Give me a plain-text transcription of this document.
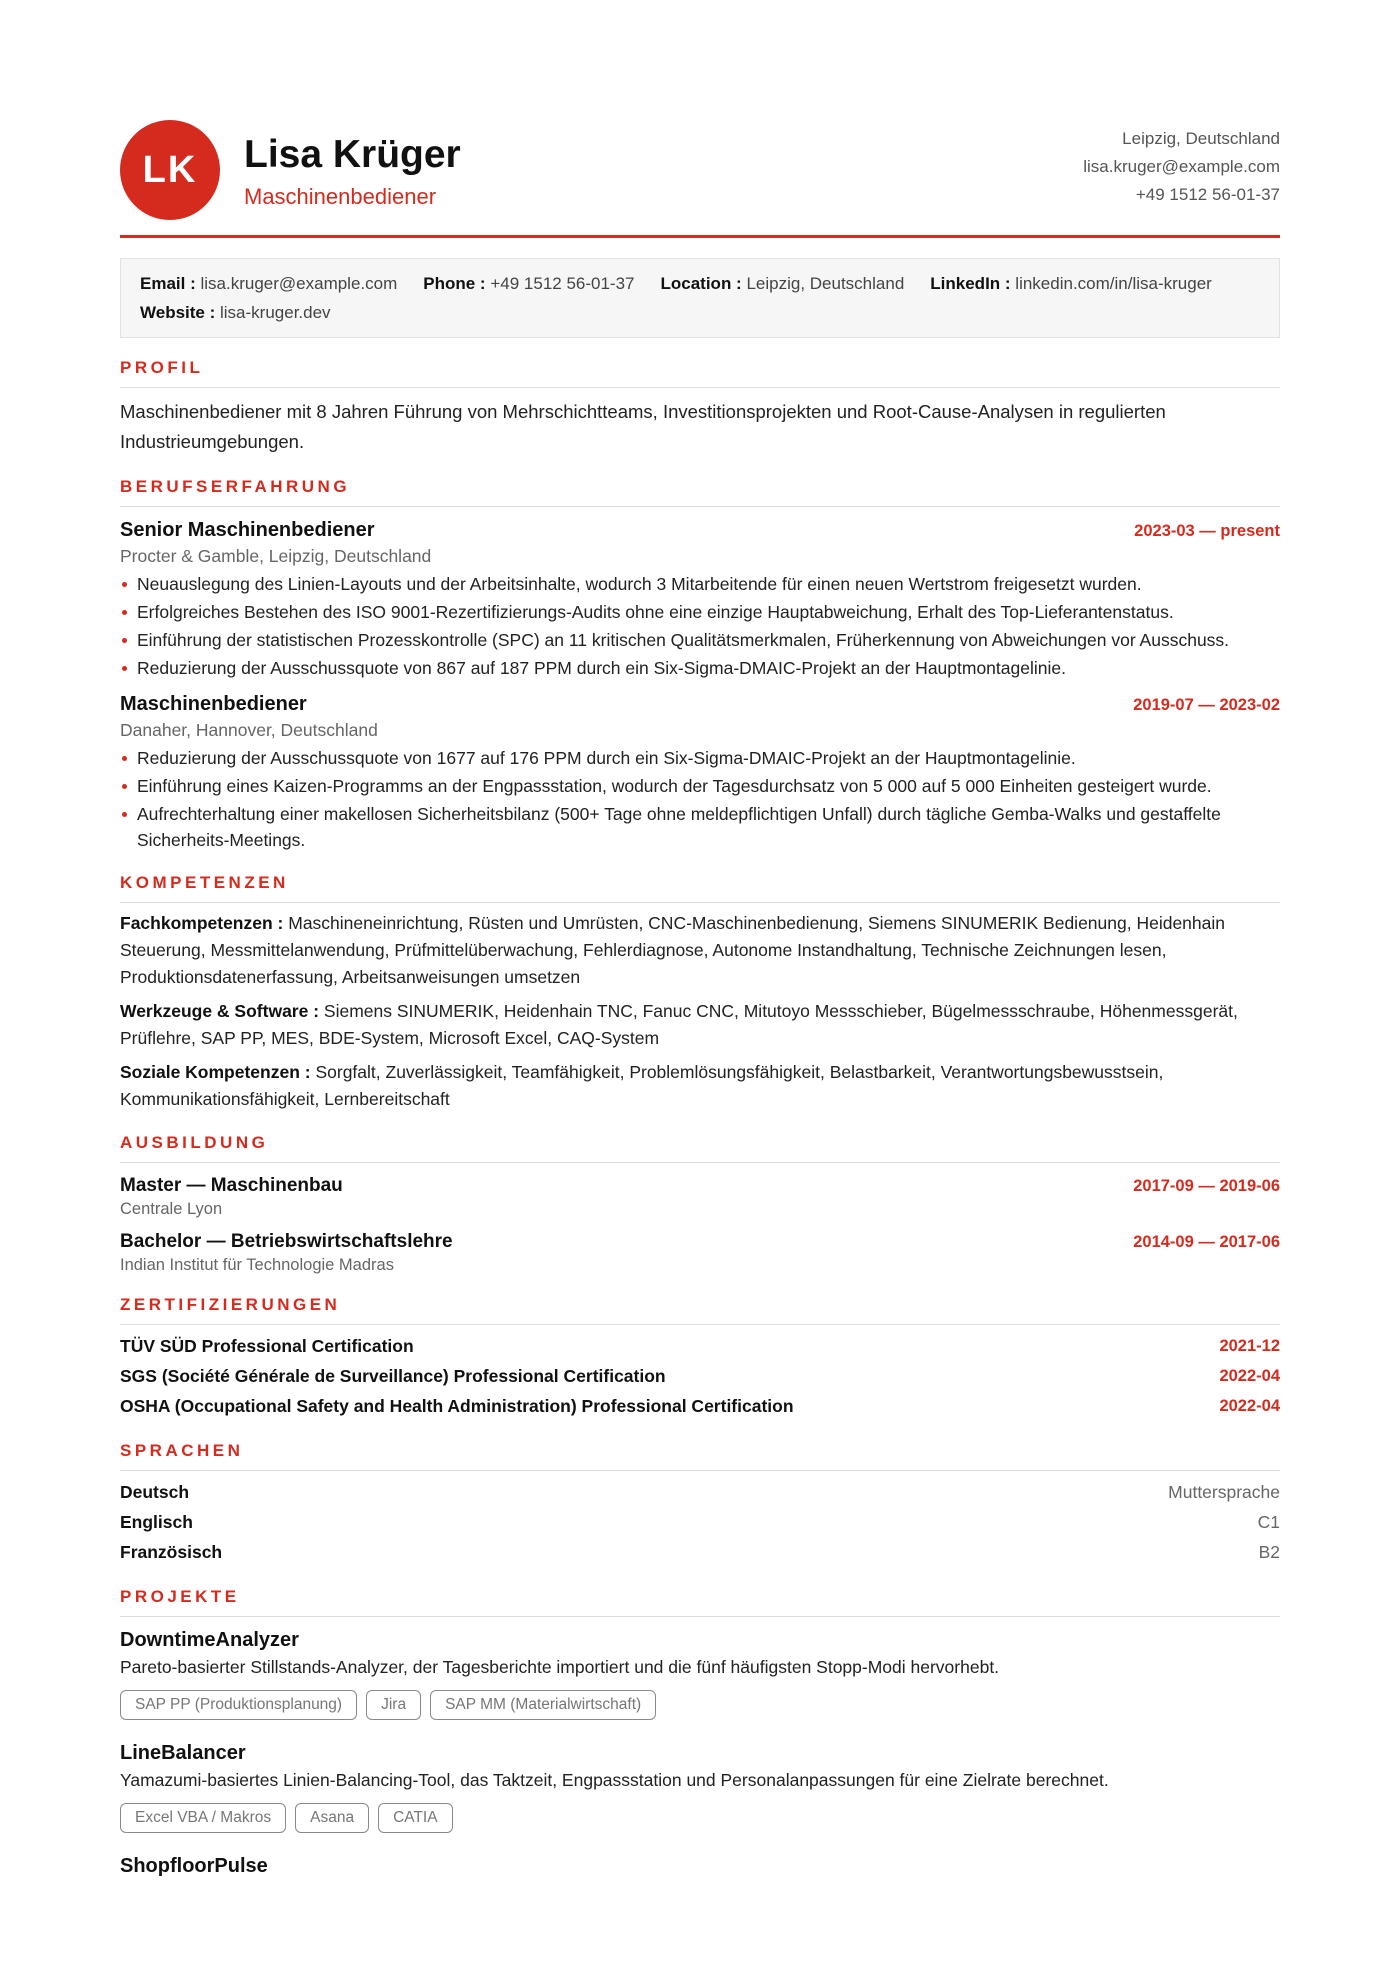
LK	Lisa Krüger
Maschinenbediener
Leipzig, Deutschland
lisa.kruger@example.com
+49 1512 56-01-37
Email : lisa.kruger@example.com Phone : +49 1512 56-01-37 Location : Leipzig, Deutschland LinkedIn : linkedin.com/in/lisa-kruger
Website : lisa-kruger.dev
PROFIL
Maschinenbediener mit 8 Jahren Führung von Mehrschichtteams, Investitionsprojekten und Root-Cause-Analysen in regulierten Industrieumgebungen.
BERUFSERFAHRUNG
Senior Maschinenbediener	2023-03 — present
Procter & Gamble, Leipzig, Deutschland
Neuauslegung des Linien-Layouts und der Arbeitsinhalte, wodurch 3 Mitarbeitende für einen neuen Wertstrom freigesetzt wurden.
Erfolgreiches Bestehen des ISO 9001-Rezertifizierungs-Audits ohne eine einzige Hauptabweichung, Erhalt des Top-Lieferantenstatus.
Einführung der statistischen Prozesskontrolle (SPC) an 11 kritischen Qualitätsmerkmalen, Früherkennung von Abweichungen vor Ausschuss.
Reduzierung der Ausschussquote von 867 auf 187 PPM durch ein Six-Sigma-DMAIC-Projekt an der Hauptmontagelinie.
Maschinenbediener	2019-07 — 2023-02
Danaher, Hannover, Deutschland
Reduzierung der Ausschussquote von 1677 auf 176 PPM durch ein Six-Sigma-DMAIC-Projekt an der Hauptmontagelinie.
Einführung eines Kaizen-Programms an der Engpassstation, wodurch der Tagesdurchsatz von 5 000 auf 5 000 Einheiten gesteigert wurde.
Aufrechterhaltung einer makellosen Sicherheitsbilanz (500+ Tage ohne meldepflichtigen Unfall) durch tägliche Gemba-Walks und gestaffelte Sicherheits-Meetings.
KOMPETENZEN
Fachkompetenzen : Maschineneinrichtung, Rüsten und Umrüsten, CNC-Maschinenbedienung, Siemens SINUMERIK Bedienung, Heidenhain Steuerung, Messmittelanwendung, Prüfmittelüberwachung, Fehlerdiagnose, Autonome Instandhaltung, Technische Zeichnungen lesen, Produktionsdatenerfassung, Arbeitsanweisungen umsetzen
Werkzeuge & Software : Siemens SINUMERIK, Heidenhain TNC, Fanuc CNC, Mitutoyo Messschieber, Bügelmessschraube, Höhenmessgerät, Prüflehre, SAP PP, MES, BDE-System, Microsoft Excel, CAQ-System
Soziale Kompetenzen : Sorgfalt, Zuverlässigkeit, Teamfähigkeit, Problemlösungsfähigkeit, Belastbarkeit, Verantwortungsbewusstsein, Kommunikationsfähigkeit, Lernbereitschaft
AUSBILDUNG
Master — Maschinenbau	2017-09 — 2019-06
Centrale Lyon
Bachelor — Betriebswirtschaftslehre	2014-09 — 2017-06
Indian Institut für Technologie Madras
ZERTIFIZIERUNGEN
TÜV SÜD Professional Certification	2021-12
SGS (Société Générale de Surveillance) Professional Certification	2022-04
OSHA (Occupational Safety and Health Administration) Professional Certification	2022-04
SPRACHEN
Deutsch	Muttersprache
Englisch	C1
Französisch	B2
PROJEKTE
DowntimeAnalyzer
Pareto-basierter Stillstands-Analyzer, der Tagesberichte importiert und die fünf häufigsten Stopp-Modi hervorhebt.
SAP PP (Produktionsplanung)	Jira	SAP MM (Materialwirtschaft)
LineBalancer
Yamazumi-basiertes Linien-Balancing-Tool, das Taktzeit, Engpassstation und Personalanpassungen für eine Zielrate berechnet.
Excel VBA / Makros	Asana	CATIA
ShopfloorPulse
